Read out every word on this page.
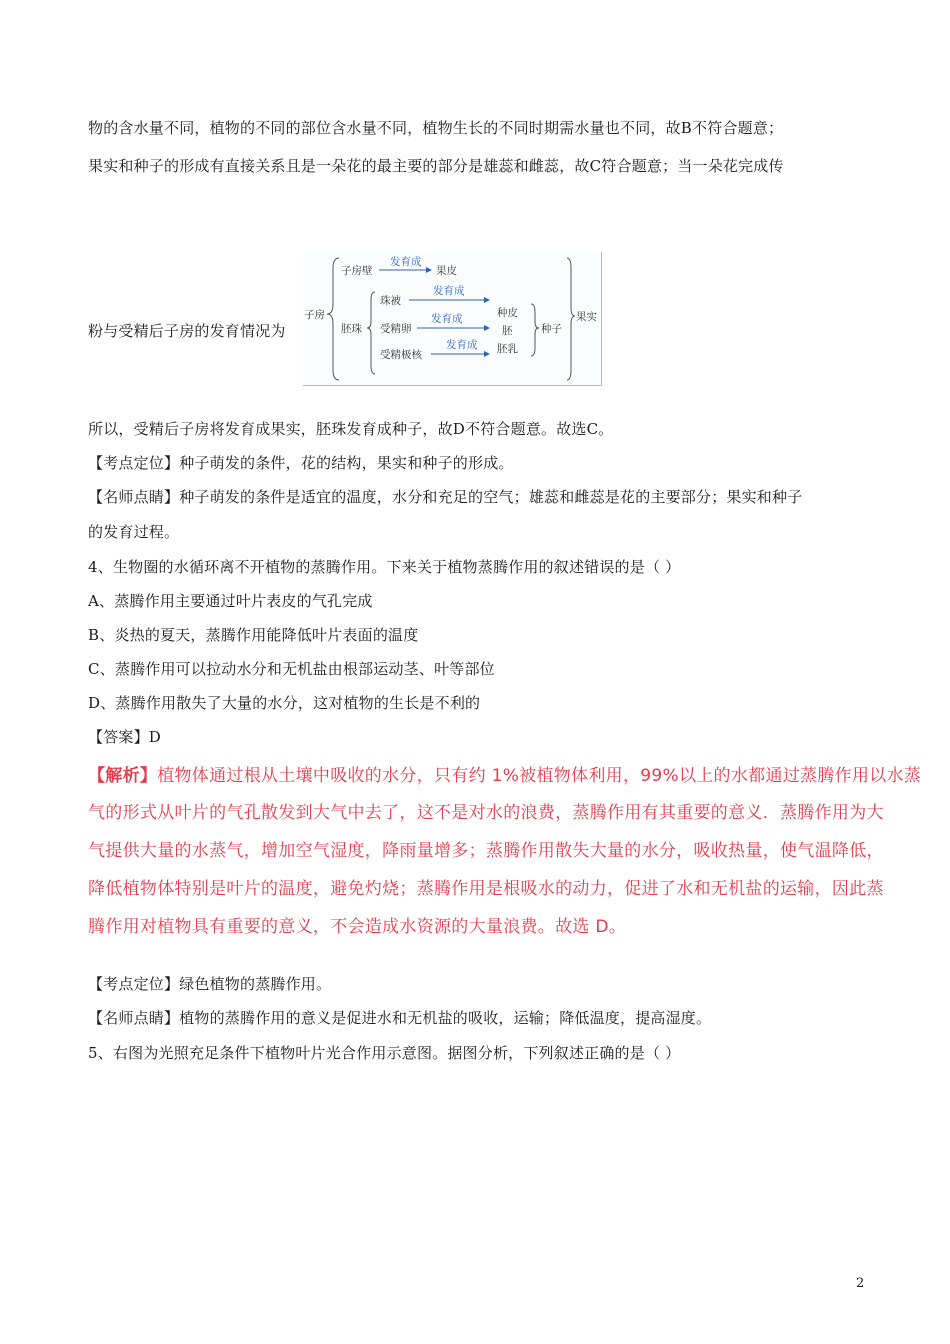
物的含水量不同，植物的不同的部位含水量不同，植物生长的不同时期需水量也不同，故B不符合题意；
果实和种子的形成有直接关系且是一朵花的最主要的部分是雄蕊和雌蕊，故C符合题意；当一朵花完成传
粉与受精后子房的发育情况为
子房
子房壁
发育成
果皮
胚珠
珠被
发育成
受精卵
发育成
受精极核
发育成
种皮
胚
胚乳
种子
果实
所以，受精后子房将发育成果实，胚珠发育成种子，故D不符合题意。故选C。
【考点定位】种子萌发的条件，花的结构，果实和种子的形成。
【名师点睛】种子萌发的条件是适宜的温度，水分和充足的空气；雄蕊和雌蕊是花的主要部分；果实和种子
的发育过程。
4、生物圈的水循环离不开植物的蒸腾作用。下来关于植物蒸腾作用的叙述错误的是（ ）
A、蒸腾作用主要通过叶片表皮的气孔完成
B、炎热的夏天，蒸腾作用能降低叶片表面的温度
C、蒸腾作用可以拉动水分和无机盐由根部运动茎、叶等部位
D、蒸腾作用散失了大量的水分，这对植物的生长是不利的
【答案】D
【解析】植物体通过根从土壤中吸收的水分，只有约 1%被植物体利用，99%以上的水都通过蒸腾作用以水蒸
气的形式从叶片的气孔散发到大气中去了，这不是对水的浪费，蒸腾作用有其重要的意义．蒸腾作用为大
气提供大量的水蒸气，增加空气湿度，降雨量增多；蒸腾作用散失大量的水分，吸收热量，使气温降低，
降低植物体特别是叶片的温度，避免灼烧；蒸腾作用是根吸水的动力，促进了水和无机盐的运输，因此蒸
腾作用对植物具有重要的意义，不会造成水资源的大量浪费。故选 D。
【考点定位】绿色植物的蒸腾作用。
【名师点睛】植物的蒸腾作用的意义是促进水和无机盐的吸收，运输；降低温度，提高湿度。
5、右图为光照充足条件下植物叶片光合作用示意图。据图分析，下列叙述正确的是（ ）
2
